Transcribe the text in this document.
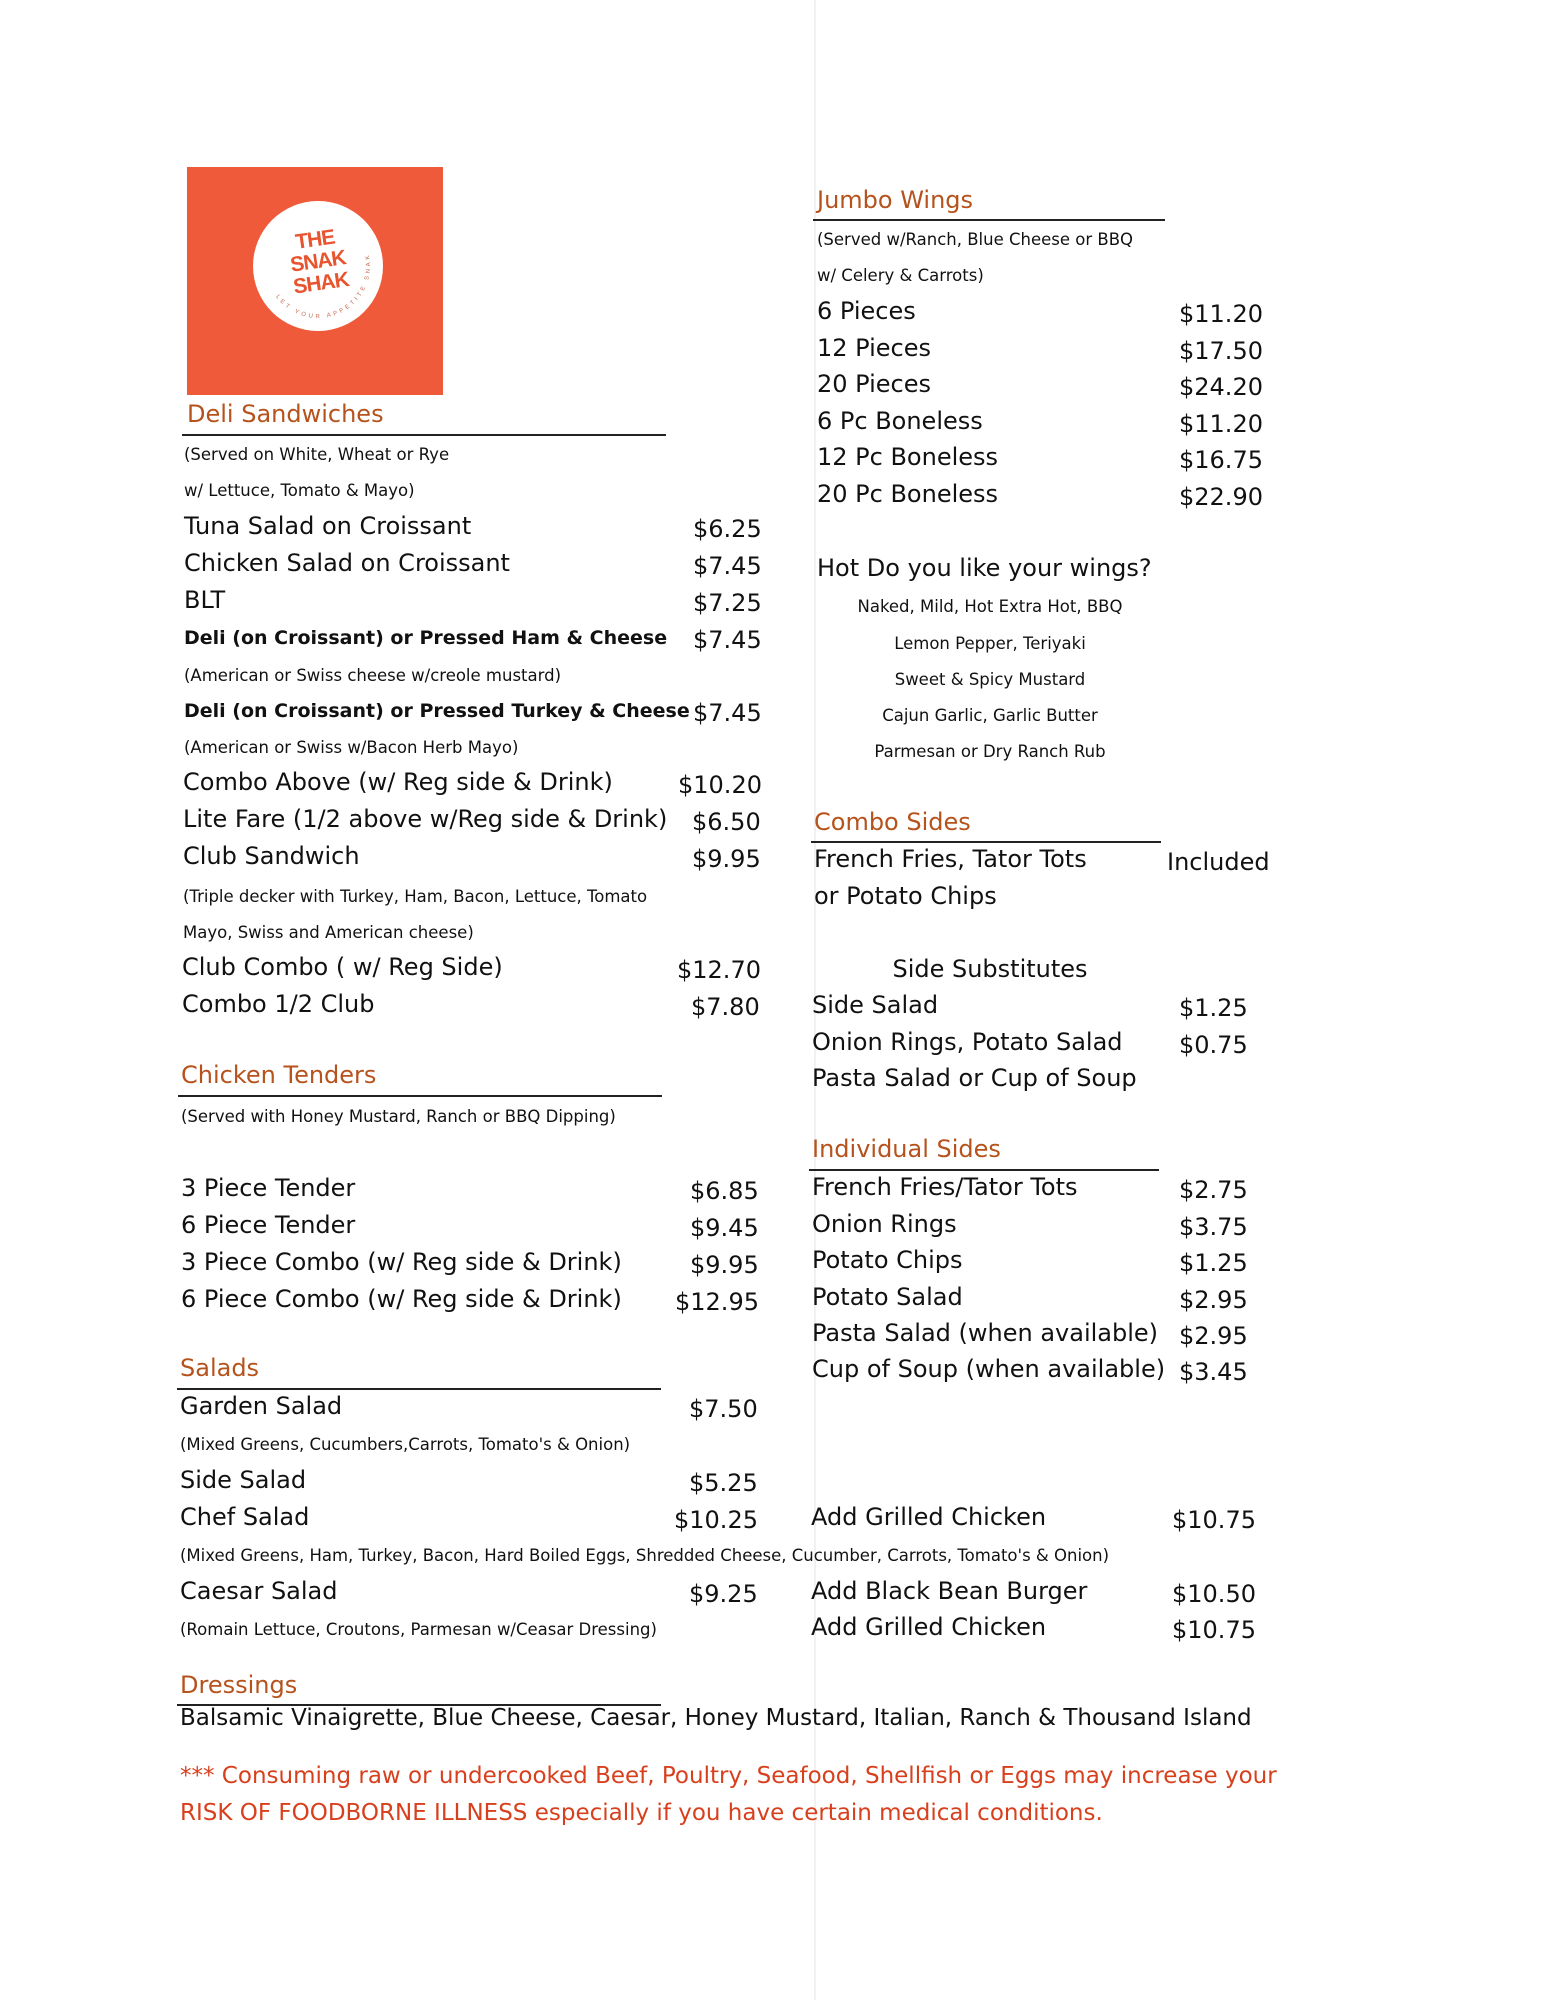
LET YOUR APPETITE SNAK
THE
SNAK
SHAK
Deli Sandwiches
(Served on White, Wheat or Rye
w/ Lettuce, Tomato & Mayo)
Tuna Salad on Croissant	$6.25
Chicken Salad on Croissant	$7.45
BLT	$7.25
Deli (on Croissant) or Pressed Ham & Cheese $7.45
(American or Swiss cheese w/creole mustard)
Deli (on Croissant) or Pressed Turkey & Cheese $7.45
(American or Swiss w/Bacon Herb Mayo)
Combo Above (w/ Reg side & Drink)	$10.20
Lite Fare (1/2 above w/Reg side & Drink) $6.50
Club Sandwich	$9.95
(Triple decker with Turkey, Ham, Bacon, Lettuce, Tomato
Mayo, Swiss and American cheese)
Club Combo ( w/ Reg Side)	$12.70
Combo 1/2 Club	$7.80
Chicken Tenders
(Served with Honey Mustard, Ranch or BBQ Dipping)
3 Piece Tender	$6.85
6 Piece Tender	$9.45
3 Piece Combo (w/ Reg side & Drink)	$9.95
6 Piece Combo (w/ Reg side & Drink) $12.95
Salads
Garden Salad	$7.50
(Mixed Greens, Cucumbers,Carrots, Tomato's & Onion)
Side Salad	$5.25
Chef Salad	$10.25
(Mixed Greens, Ham, Turkey, Bacon, Hard Boiled Eggs, Shredded Cheese, Cucumber, Carrots, Tomato's & Onion)
Caesar Salad	$9.25
(Romain Lettuce, Croutons, Parmesan w/Ceasar Dressing)
Add Grilled Chicken	$10.75
Add Black Bean Burger	$10.50
Add Grilled Chicken	$10.75
Dressings
Balsamic Vinaigrette, Blue Cheese, Caesar, Honey Mustard, Italian, Ranch & Thousand Island
*** Consuming raw or undercooked Beef, Poultry, Seafood, Shellfish or Eggs may increase your
RISK OF FOODBORNE ILLNESS especially if you have certain medical conditions.
Jumbo Wings
(Served w/Ranch, Blue Cheese or BBQ
w/ Celery & Carrots)
6 Pieces	$11.20
12 Pieces	$17.50
20 Pieces	$24.20
6 Pc Boneless	$11.20
12 Pc Boneless	$16.75
20 Pc Boneless	$22.90
Hot Do you like your wings?
Naked, Mild, Hot Extra Hot, BBQ
Lemon Pepper, Teriyaki
Sweet & Spicy Mustard
Cajun Garlic, Garlic Butter
Parmesan or Dry Ranch Rub
Combo Sides
French Fries, Tator Tots	Included
or Potato Chips
Side Substitutes
Side Salad	$1.25
Onion Rings, Potato Salad $0.75
Pasta Salad or Cup of Soup
Individual Sides
French Fries/Tator Tots	$2.75
Onion Rings	$3.75
Potato Chips	$1.25
Potato Salad	$2.95
Pasta Salad (when available) $2.95
Cup of Soup (when available) $3.45
